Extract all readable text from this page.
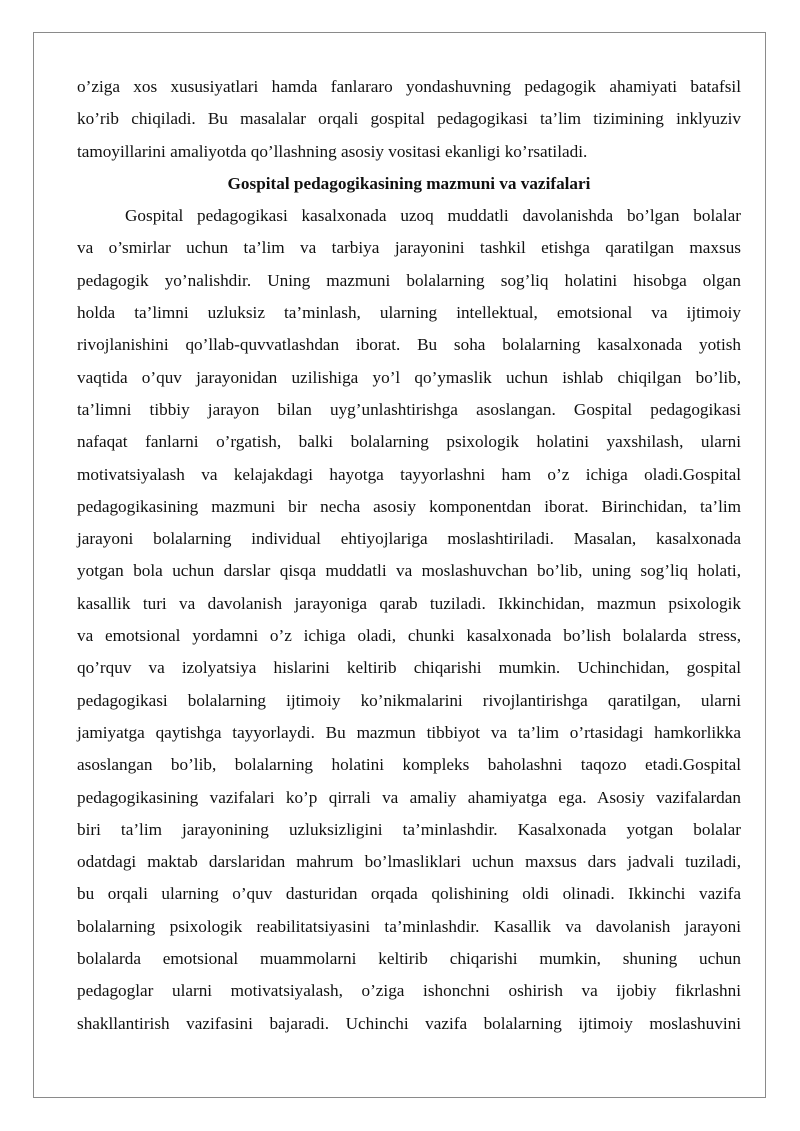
o’ziga xos xususiyatlari hamda fanlararo yondashuvning pedagogik ahamiyati batafsil

ko’rib chiqiladi. Bu masalalar orqali gospital pedagogikasi ta’lim tizimining inklyuziv

tamoyillarini amaliyotda qo’llashning asosiy vositasi ekanligi ko’rsatiladi.

Gospital pedagogikasining mazmuni va vazifalari

Gospital pedagogikasi kasalxonada uzoq muddatli davolanishda bo’lgan bolalar

va o’smirlar uchun ta’lim va tarbiya jarayonini tashkil etishga qaratilgan maxsus

pedagogik yo’nalishdir. Uning mazmuni bolalarning sog’liq holatini hisobga olgan

holda ta’limni uzluksiz ta’minlash, ularning intellektual, emotsional va ijtimoiy

rivojlanishini qo’llab-quvvatlashdan iborat. Bu soha bolalarning kasalxonada yotish

vaqtida o’quv jarayonidan uzilishiga yo’l qo’ymaslik uchun ishlab chiqilgan bo’lib,

ta’limni tibbiy jarayon bilan uyg’unlashtirishga asoslangan. Gospital pedagogikasi

nafaqat fanlarni o’rgatish, balki bolalarning psixologik holatini yaxshilash, ularni

motivatsiyalash va kelajakdagi hayotga tayyorlashni ham o’z ichiga oladi.Gospital

pedagogikasining mazmuni bir necha asosiy komponentdan iborat. Birinchidan, ta’lim

jarayoni bolalarning individual ehtiyojlariga moslashtiriladi. Masalan, kasalxonada

yotgan bola uchun darslar qisqa muddatli va moslashuvchan bo’lib, uning sog’liq holati,

kasallik turi va davolanish jarayoniga qarab tuziladi. Ikkinchidan, mazmun psixologik

va emotsional yordamni o’z ichiga oladi, chunki kasalxonada bo’lish bolalarda stress,

qo’rquv va izolyatsiya hislarini keltirib chiqarishi mumkin. Uchinchidan, gospital

pedagogikasi bolalarning ijtimoiy ko’nikmalarini rivojlantirishga qaratilgan, ularni

jamiyatga qaytishga tayyorlaydi. Bu mazmun tibbiyot va ta’lim o’rtasidagi hamkorlikka

asoslangan bo’lib, bolalarning holatini kompleks baholashni taqozo etadi.Gospital

pedagogikasining vazifalari ko’p qirrali va amaliy ahamiyatga ega. Asosiy vazifalardan

biri ta’lim jarayonining uzluksizligini ta’minlashdir. Kasalxonada yotgan bolalar

odatdagi maktab darslaridan mahrum bo’lmasliklari uchun maxsus dars jadvali tuziladi,

bu orqali ularning o’quv dasturidan orqada qolishining oldi olinadi. Ikkinchi vazifa

bolalarning psixologik reabilitatsiyasini ta’minlashdir. Kasallik va davolanish jarayoni

bolalarda emotsional muammolarni keltirib chiqarishi mumkin, shuning uchun

pedagoglar ularni motivatsiyalash, o’ziga ishonchni oshirish va ijobiy fikrlashni

shakllantirish vazifasini bajaradi. Uchinchi vazifa bolalarning ijtimoiy moslashuvini
